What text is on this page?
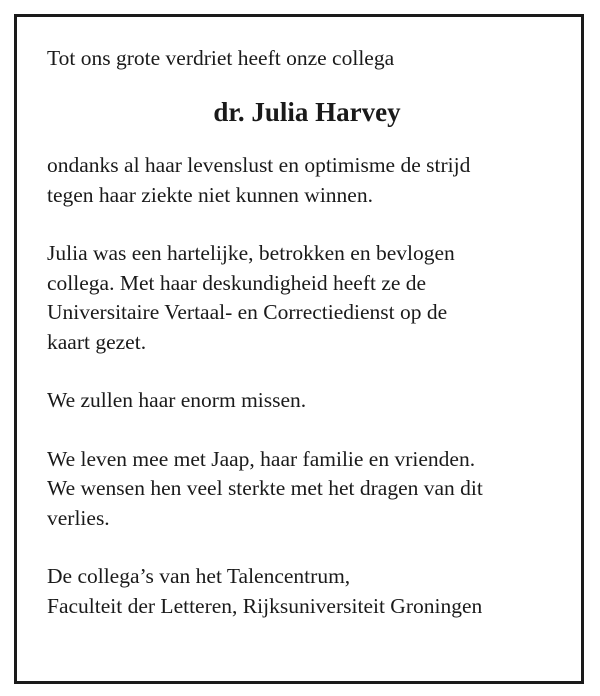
Tot ons grote verdriet heeft onze collega

dr. Julia Harvey

ondanks al haar levenslust en optimisme de strijd
tegen haar ziekte niet kunnen winnen.

Julia was een hartelijke, betrokken en bevlogen
collega. Met haar deskundigheid heeft ze de
Universitaire Vertaal- en Correctiedienst op de
kaart gezet.

We zullen haar enorm missen.

We leven mee met Jaap, haar familie en vrienden.
We wensen hen veel sterkte met het dragen van dit
verlies.

De collega’s van het Talencentrum,
Faculteit der Letteren, Rijksuniversiteit Groningen
